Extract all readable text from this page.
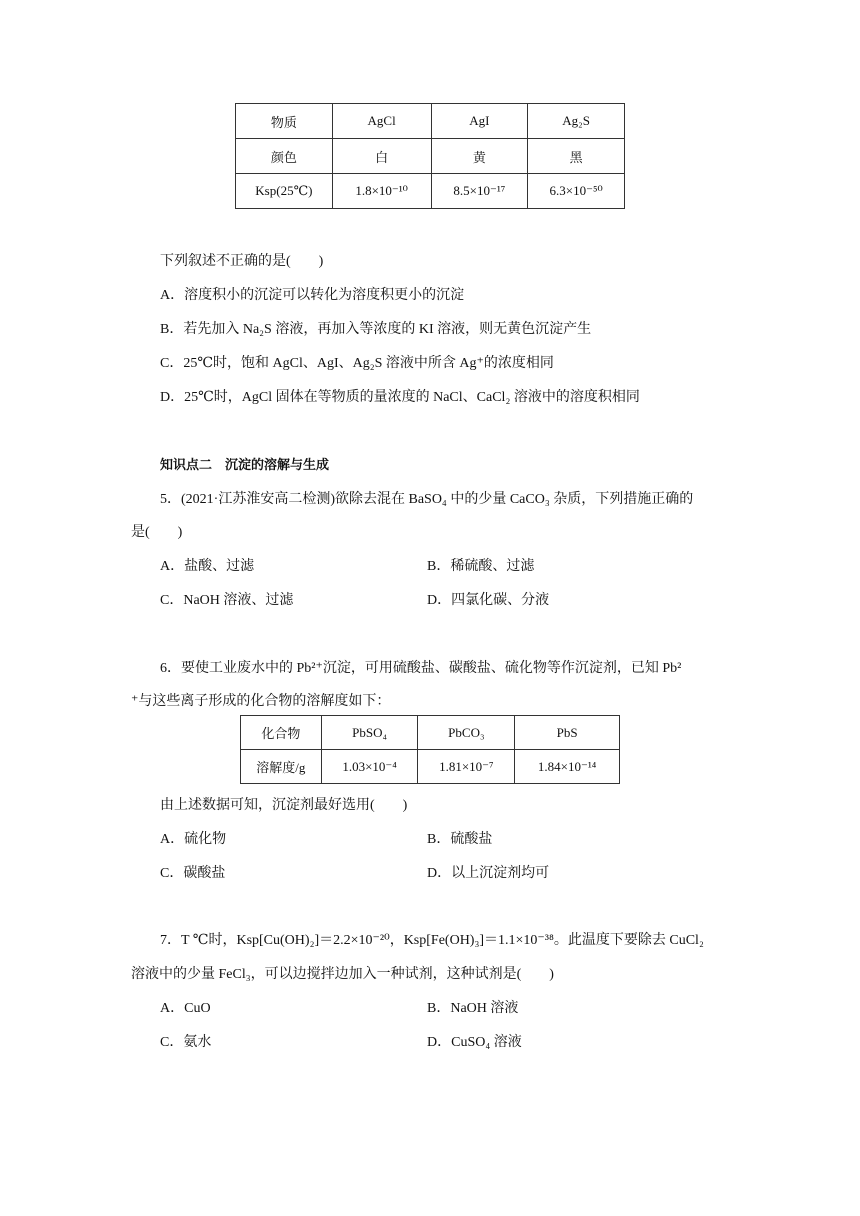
物质	AgCl	AgI	Ag₂S
颜色	白	黄	黑
Ksp(25℃)	1.8×10⁻¹⁰	8.5×10⁻¹⁷	6.3×10⁻⁵⁰
下列叙述不正确的是(　　)
A．溶度积小的沉淀可以转化为溶度积更小的沉淀
B．若先加入 Na₂S 溶液，再加入等浓度的 KI 溶液，则无黄色沉淀产生
C．25℃时，饱和 AgCl、AgI、Ag₂S 溶液中所含 Ag⁺的浓度相同
D．25℃时，AgCl 固体在等物质的量浓度的 NaCl、CaCl₂ 溶液中的溶度积相同
知识点二　沉淀的溶解与生成
5．(2021·江苏淮安高二检测)欲除去混在 BaSO₄ 中的少量 CaCO₃ 杂质，下列措施正确的
是(　　)
A．盐酸、过滤	B．稀硫酸、过滤
C．NaOH 溶液、过滤	D．四氯化碳、分液
6．要使工业废水中的 Pb²⁺沉淀，可用硫酸盐、碳酸盐、硫化物等作沉淀剂，已知 Pb²
⁺与这些离子形成的化合物的溶解度如下：
化合物	PbSO₄	PbCO₃	PbS
溶解度/g	1.03×10⁻⁴	1.81×10⁻⁷	1.84×10⁻¹⁴
由上述数据可知，沉淀剂最好选用(　　)
A．硫化物	B．硫酸盐
C．碳酸盐	D．以上沉淀剂均可
7．T ℃时，Ksp[Cu(OH)₂]＝2.2×10⁻²⁰，Ksp[Fe(OH)₃]＝1.1×10⁻³⁸。此温度下要除去 CuCl₂
溶液中的少量 FeCl₃，可以边搅拌边加入一种试剂，这种试剂是(　　)
A．CuO	B．NaOH 溶液
C．氨水	D．CuSO₄ 溶液
